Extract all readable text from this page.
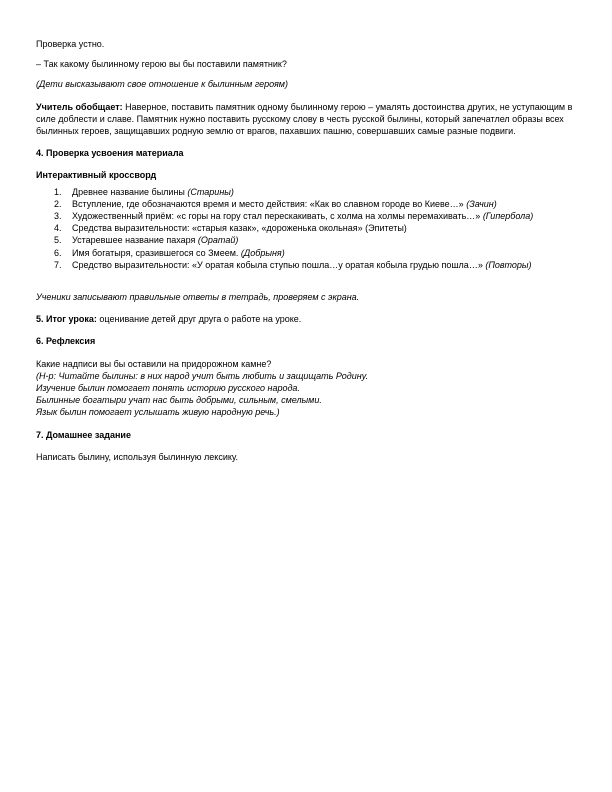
Проверка устно.

– Так какому былинному герою вы бы поставили памятник?

(Дети высказывают свое отношение к былинным героям)

Учитель обобщает: Наверное, поставить памятник одному былинному герою – умалять достоинства других, не уступающим в силе доблести и славе. Памятник нужно поставить русскому слову в честь русской былины, который запечатлел образы всех былинных героев, защищавших родную землю от врагов, пахавших пашню, совершавших самые разные подвиги.

4. Проверка усвоения материала

Интерактивный кроссворд

1. Древнее название былины (Старины)
2. Вступление, где обозначаются время и место действия: «Как во славном городе во Киеве…» (Зачин)
3. Художественный приём: «с горы на гору стал перескакивать, с холма на холмы перемахивать…» (Гипербола)
4. Средства выразительности: «старыя казак», «дороженька окольная» (Эпитеты)
5. Устаревшее название пахаря (Оратай)
6. Имя богатыря, сразившегося со Змеем. (Добрыня)
7. Средство выразительности: «У оратая кобыла ступью пошла…у оратая кобыла грудью пошла…» (Повторы)

Ученики записывают правильные ответы в тетрадь, проверяем с экрана.

5. Итог урока: оценивание детей друг друга о работе на уроке.

6. Рефлексия

Какие надписи вы бы оставили на придорожном камне?

(Н-р: Читайте былины: в них народ учит быть любить и защищать Родину.

Изучение былин помогает понять историю русского народа.

Былинные богатыри учат нас быть добрыми, сильным, смелыми.

Язык былин помогает услышать живую народную речь.)

7. Домашнее задание

Написать былину, используя былинную лексику.
